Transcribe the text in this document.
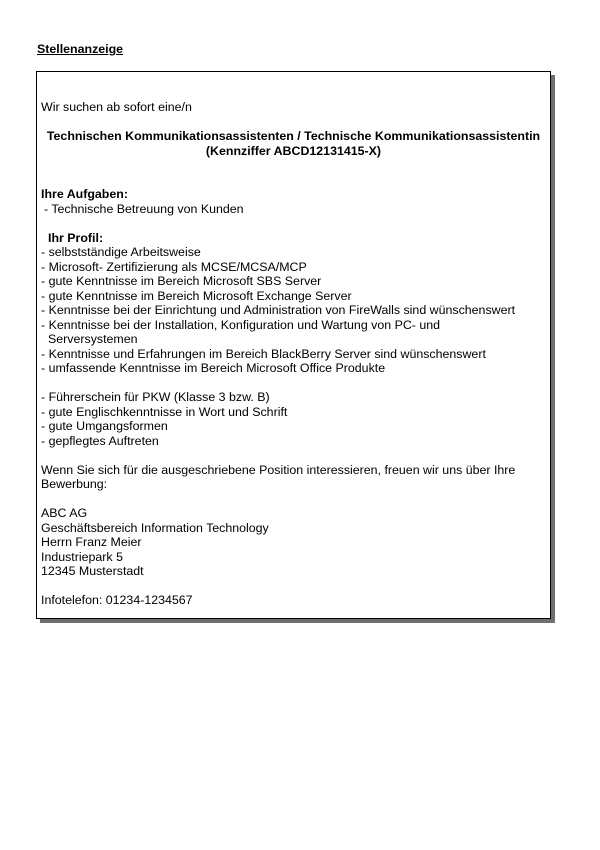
Stellenanzeige
Wir suchen ab sofort eine/n
Technischen Kommunikationsassistenten / Technische Kommunikationsassistentin
(Kennziffer ABCD12131415-X)
Ihre Aufgaben:
- Technische Betreuung von Kunden
Ihr Profil:
- selbstständige Arbeitsweise
- Microsoft- Zertifizierung als MCSE/MCSA/MCP
- gute Kenntnisse im Bereich Microsoft SBS Server
- gute Kenntnisse im Bereich Microsoft Exchange Server
- Kenntnisse bei der Einrichtung und Administration von FireWalls sind wünschenswert
- Kenntnisse bei der Installation, Konfiguration und Wartung von PC- und
Serversystemen
- Kenntnisse und Erfahrungen im Bereich BlackBerry Server sind wünschenswert
- umfassende Kenntnisse im Bereich Microsoft Office Produkte
- Führerschein für PKW (Klasse 3 bzw. B)
- gute Englischkenntnisse in Wort und Schrift
- gute Umgangsformen
- gepflegtes Auftreten
Wenn Sie sich für die ausgeschriebene Position interessieren, freuen wir uns über Ihre
Bewerbung:
ABC AG
Geschäftsbereich Information Technology
Herrn Franz Meier
Industriepark 5
12345 Musterstadt
Infotelefon: 01234-1234567
